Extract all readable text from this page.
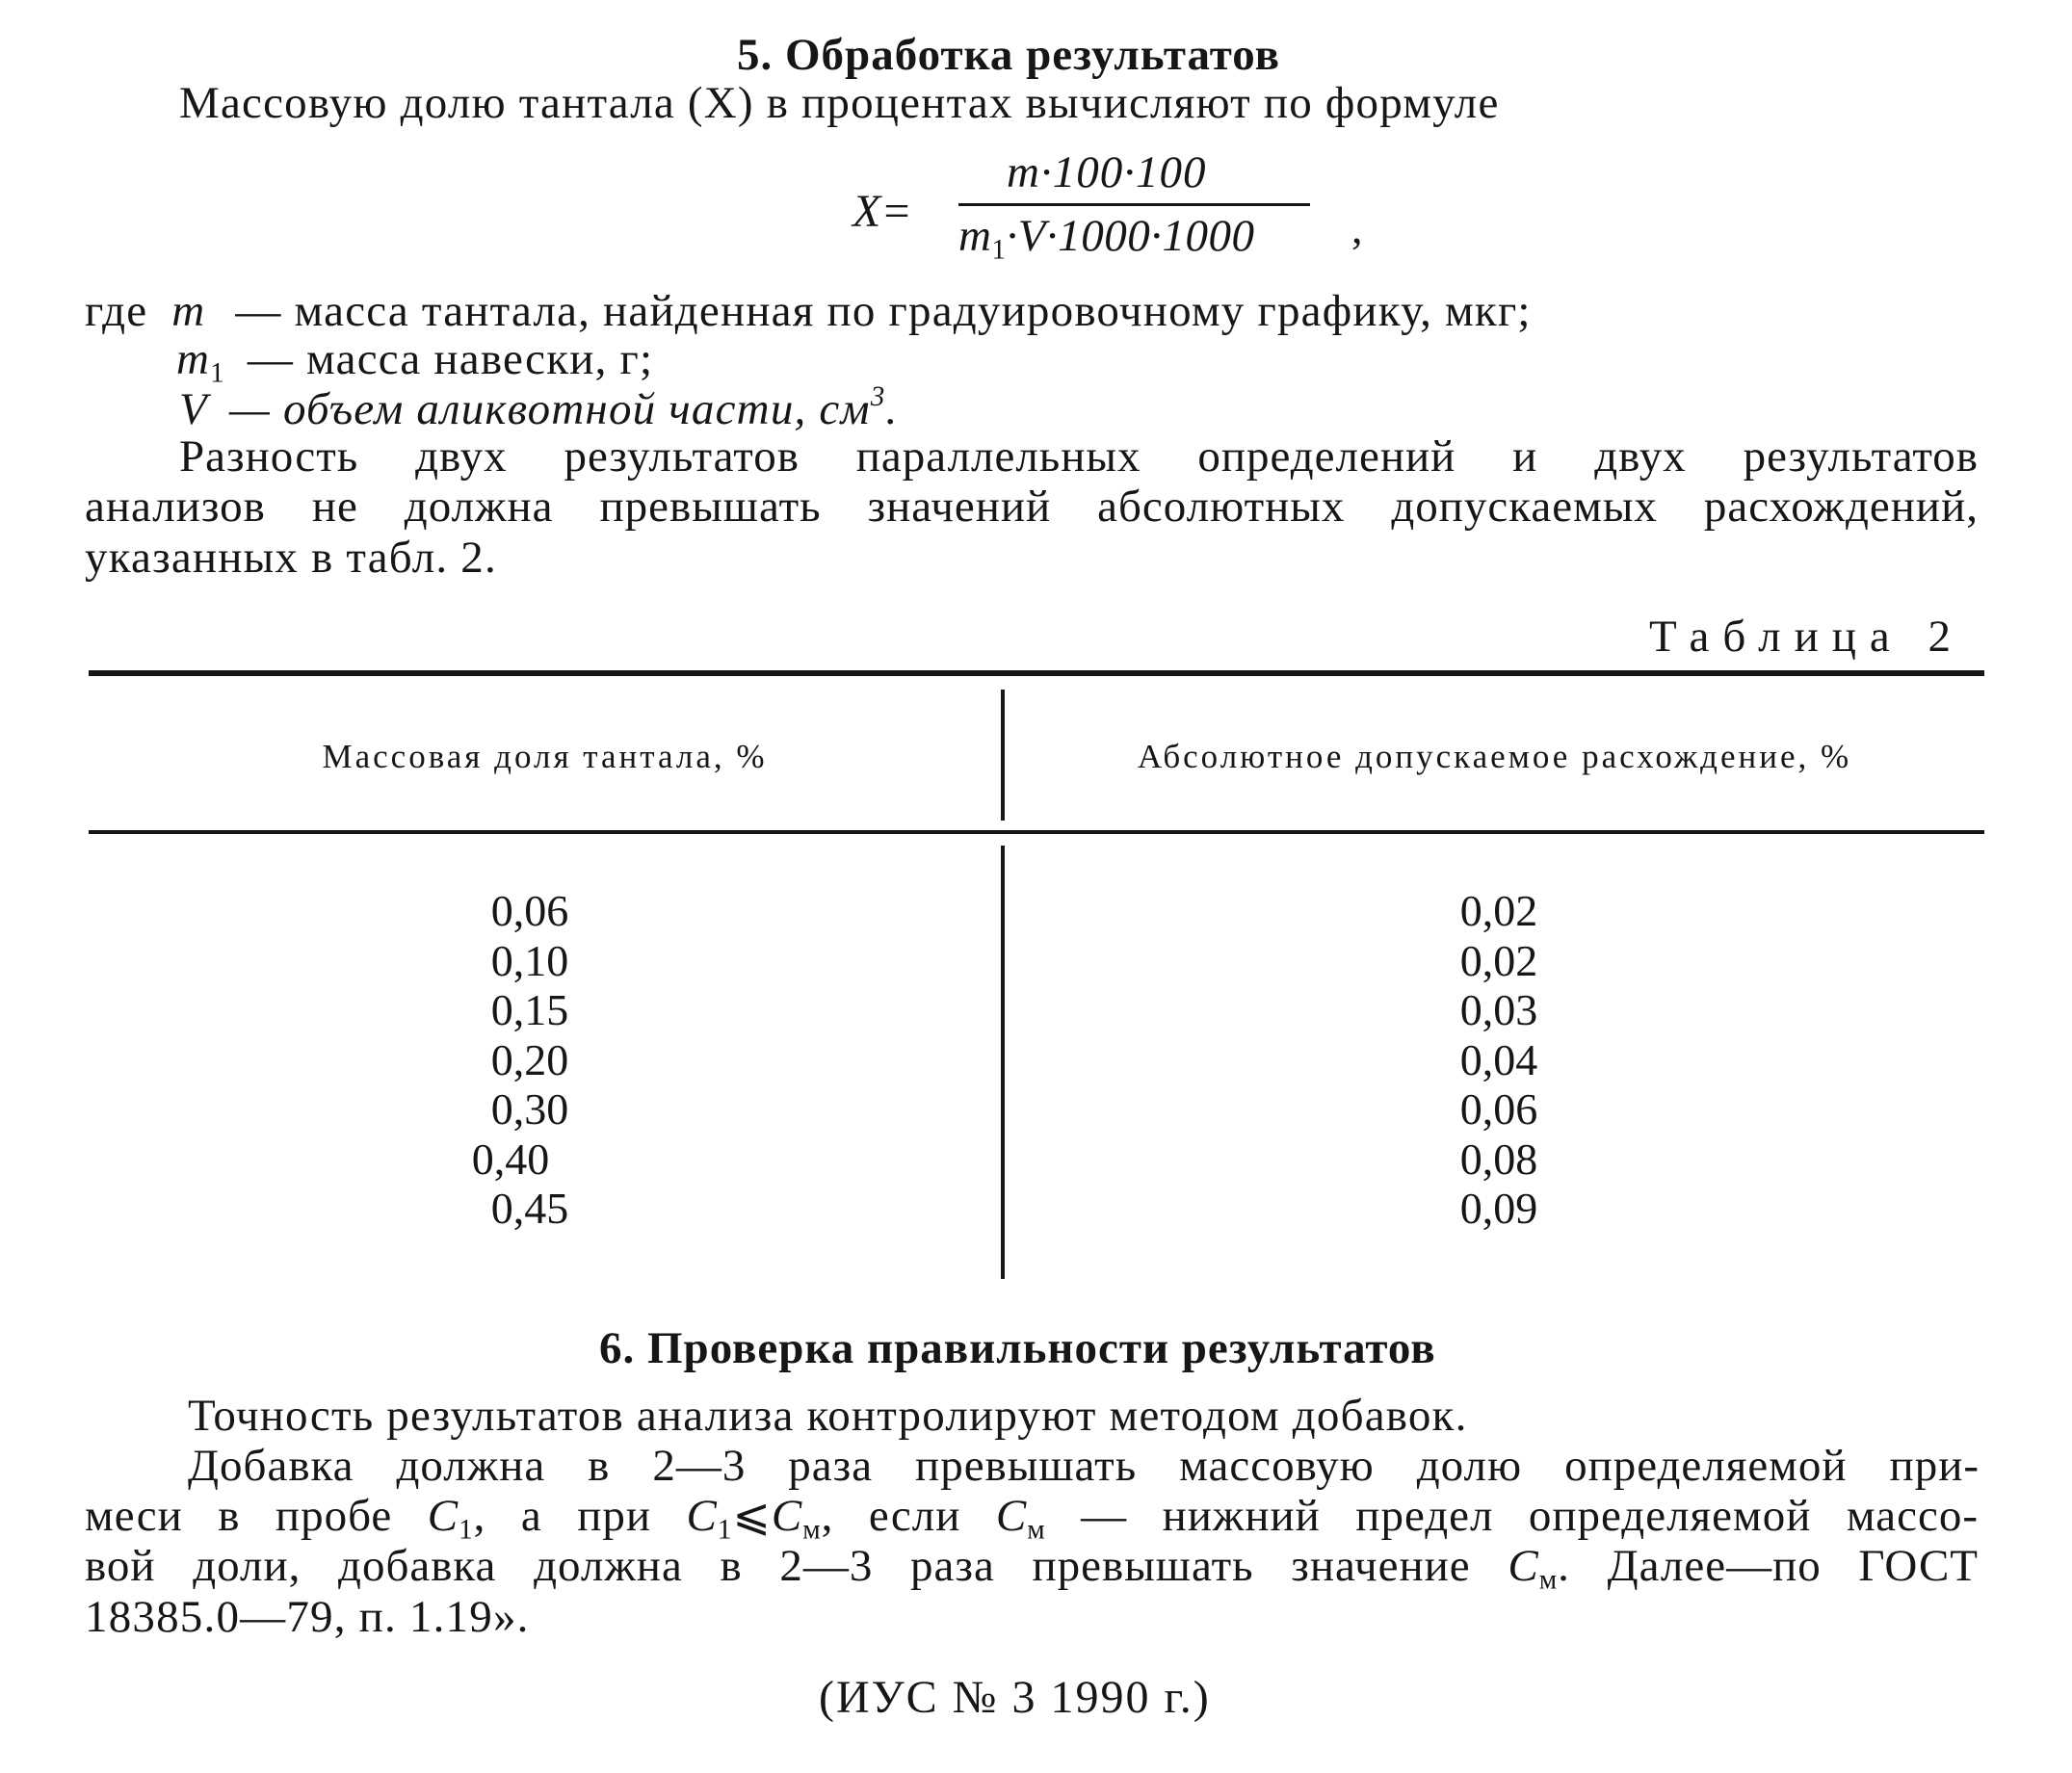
5. Обработка результатов
Массовую долю тантала (X) в процентах вычисляют по формуле
X=
m·100·100
$m_1\cdot V\cdot 1000\cdot 1000$ ,
где m — масса тантала, найденная по градуировочному графику, мкг;
$m_1$ — масса навески, г;
V — объем аликвотной части, $см^3$.
Разность двух результатов параллельных определений и двух результатов
анализов не должна превышать значений абсолютных допускаемых расхождений,
указанных в табл. 2.
Таблица 2
Массовая доля тантала, %	Абсолютное допускаемое расхождение, %
0,06
0,10
0,15
0,20
0,30
0,40
0,45
0,02
0,02
0,03
0,04
0,06
0,08
0,09
6. Проверка правильности результатов
Точность результатов анализа контролируют методом добавок.
Добавка должна в 2—3 раза превышать массовую долю определяемой при-
меси в пробе $C_1$, а при $C_1⩽C_м$, если $C_м$ — нижний предел определяемой массо-
вой доли, добавка должна в 2—3 раза превышать значение $C_м$. Далее—по ГОСТ
18385.0—79, п. 1.19».
(ИУС № 3 1990 г.)
